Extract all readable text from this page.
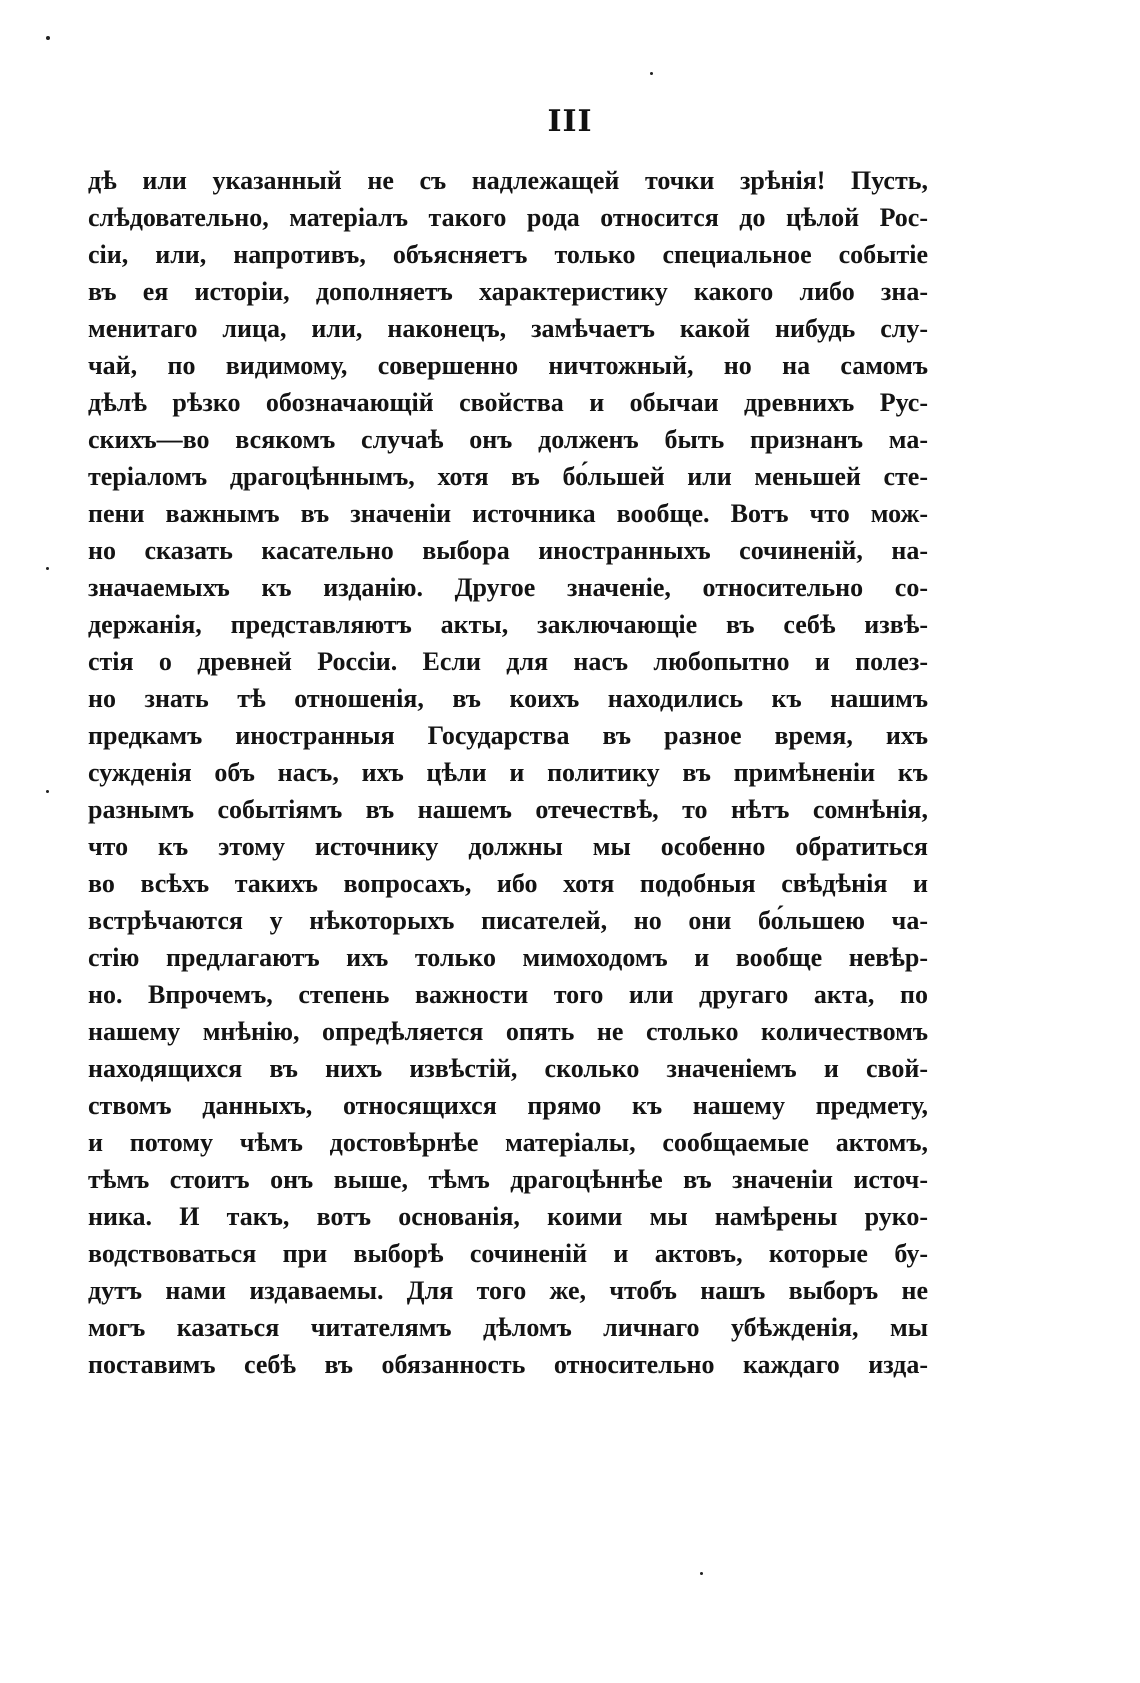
III
дѣ или указанный не съ надлежащей точки зрѣнія! Пусть,
слѣдовательно, матеріалъ такого рода относится до цѣлой Рос-
сіи, или, напротивъ, объясняетъ только специальное событіе
въ ея исторіи, дополняетъ характеристику какого либо зна-
менитаго лица, или, наконецъ, замѣчаетъ какой нибудь слу-
чай, по видимому, совершенно ничтожный, но на самомъ
дѣлѣ рѣзко обозначающій свойства и обычаи древнихъ Рус-
скихъ—во всякомъ случаѣ онъ долженъ быть признанъ ма-
теріаломъ драгоцѣннымъ, хотя въ бо́льшей или меньшей сте-
пени важнымъ въ значеніи источника вообще. Вотъ что мож-
но сказать касательно выбора иностранныхъ сочиненій, на-
значаемыхъ къ изданію. Другое значеніе, относительно со-
держанія, представляютъ акты, заключающіе въ себѣ извѣ-
стія о древней Россіи. Если для насъ любопытно и полез-
но знать тѣ отношенія, въ коихъ находились къ нашимъ
предкамъ иностранныя Государства въ разное время, ихъ
сужденія объ насъ, ихъ цѣли и политику въ примѣненіи къ
разнымъ событіямъ въ нашемъ отечествѣ, то нѣтъ сомнѣнія,
что къ этому источнику должны мы особенно обратиться
во всѣхъ такихъ вопросахъ, ибо хотя подобныя свѣдѣнія и
встрѣчаются у нѣкоторыхъ писателей, но они бо́льшею ча-
стію предлагаютъ ихъ только мимоходомъ и вообще невѣр-
но. Впрочемъ, степень важности того или другаго акта, по
нашему мнѣнію, опредѣляется опять не столько количествомъ
находящихся въ нихъ извѣстій, сколько значеніемъ и свой-
ствомъ данныхъ, относящихся прямо къ нашему предмету,
и потому чѣмъ достовѣрнѣе матеріалы, сообщаемые актомъ,
тѣмъ стоитъ онъ выше, тѣмъ драгоцѣннѣе въ значеніи источ-
ника. И такъ, вотъ основанія, коими мы намѣрены руко-
водствоваться при выборѣ сочиненій и актовъ, которые бу-
дутъ нами издаваемы. Для того же, чтобъ нашъ выборъ не
могъ казаться читателямъ дѣломъ личнаго убѣжденія, мы
поставимъ себѣ въ обязанность относительно каждаго изда-
